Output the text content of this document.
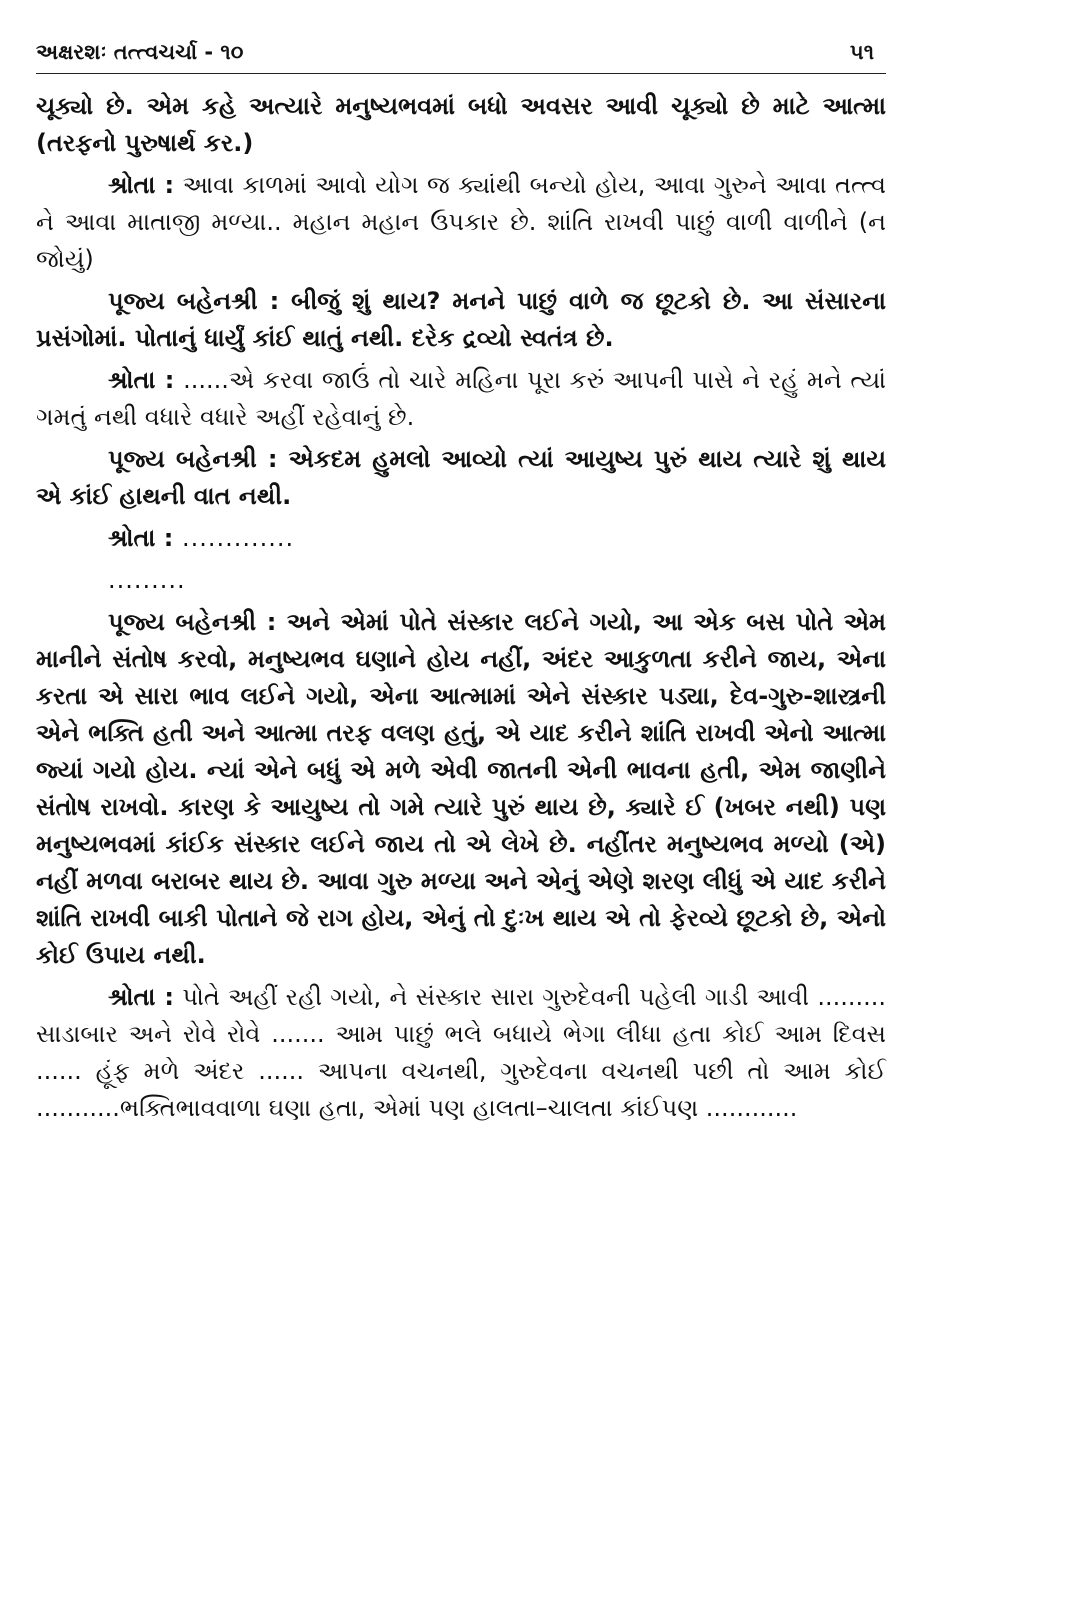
અક્ષરશઃ તત્ત્વચર્ચા - ૧૦	૫૧

ચૂક્યો છે. એમ કહે અત્યારે મનુષ્યભવમાં બધો અવસર આવી ચૂક્યો છે માટે આત્મા (તરફનો પુરુષાર્થ કર.)

શ્રોતા : આવા કાળમાં આવો યોગ જ ક્યાંથી બન્યો હોય, આવા ગુરુને આવા તત્ત્વ ને આવા માતાજી મળ્યા.. મહાન મહાન ઉપકાર છે. શાંતિ રાખવી પાછું વાળી વાળીને (ન જોયું)

પૂજ્ય બહેનશ્રી : બીજું શું થાય? મનને પાછું વાળે જ છૂટકો છે. આ સંસારના પ્રસંગોમાં. પોતાનું ધાર્યું કાંઈ થાતું નથી. દરેક દ્રવ્યો સ્વતંત્ર છે.

શ્રોતા : ......એ કરવા જાઉં તો ચારે મહિના પૂરા કરું આપની પાસે ને રહું મને ત્યાં ગમતું નથી વધારે વધારે અહીં રહેવાનું છે.

પૂજ્ય બહેનશ્રી : એકદમ હુમલો આવ્યો ત્યાં આયુષ્ય પુરું થાય ત્યારે શું થાય એ કાંઈ હાથની વાત નથી.

શ્રોતા : .............

.........

પૂજ્ય બહેનશ્રી : અને એમાં પોતે સંસ્કાર લઈને ગયો, આ એક બસ પોતે એમ માનીને સંતોષ કરવો, મનુષ્યભવ ઘણાને હોય નહીં, અંદર આકુળતા કરીને જાય, એના કરતા એ સારા ભાવ લઈને ગયો, એના આત્મામાં એને સંસ્કાર પડ્યા, દેવ-ગુરુ-શાસ્ત્રની એને ભક્તિ હતી અને આત્મા તરફ વલણ હતું, એ યાદ કરીને શાંતિ રાખવી એનો આત્મા જ્યાં ગયો હોય. ન્યાં એને બધું એ મળે એવી જાતની એની ભાવના હતી, એમ જાણીને સંતોષ રાખવો. કારણ કે આયુષ્ય તો ગમે ત્યારે પુરું થાય છે, ક્યારે ઈ (ખબર નથી) પણ મનુષ્યભવમાં કાંઈક સંસ્કાર લઈને જાય તો એ લેખે છે. નહીંતર મનુષ્યભવ મળ્યો (એ) નહીં મળવા બરાબર થાય છે. આવા ગુરુ મળ્યા અને એનું એણે શરણ લીધું એ યાદ કરીને શાંતિ રાખવી બાકી પોતાને જે રાગ હોય, એનું તો દુઃખ થાય એ તો ફેરવ્યે છૂટકો છે, એનો કોઈ ઉપાય નથી.

શ્રોતા : પોતે અહીં રહી ગયો, ને સંસ્કાર સારા ગુરુદેવની પહેલી ગાડી આવી ......... સાડાબાર અને રોવે રોવે ....... આમ પાછું ભલે બધાયે ભેગા લીધા હતા કોઈ આમ દિવસ ...... હૂંફ મળે અંદર ...... આપના વચનથી, ગુરુદેવના વચનથી પછી તો આમ કોઈ ...........ભક્તિભાવવાળા ઘણા હતા, એમાં પણ હાલતા–ચાલતા કાંઈપણ ............
